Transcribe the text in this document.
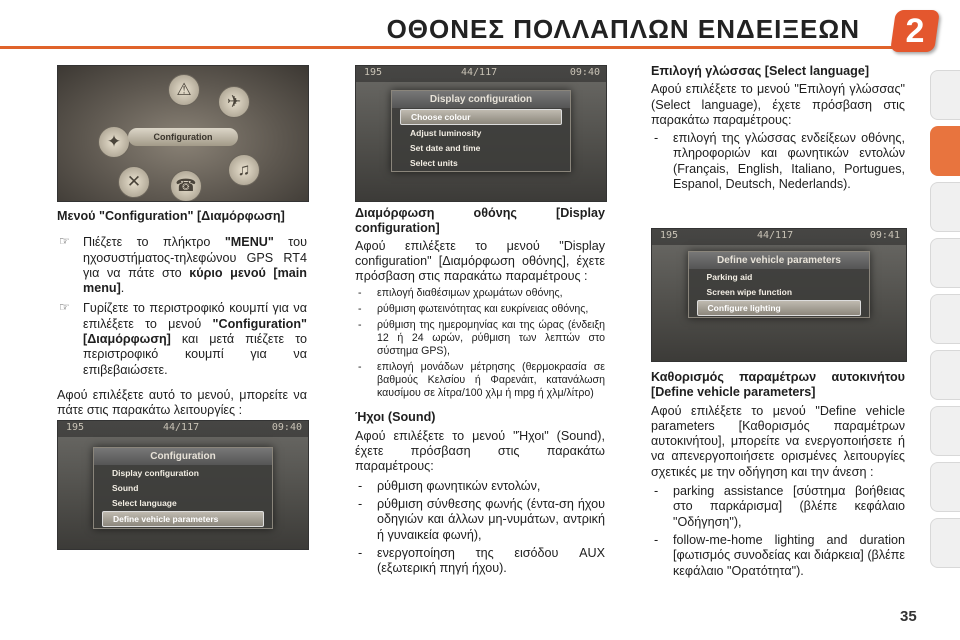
ΟΘΟΝΕΣ ΠΟΛΛΑΠΛΩΝ ΕΝΔΕΙΞΕΩΝ	2
⚠
✈
✦
✕	☎
♫
Configuration

Μενού "Configuration" [Διαμόρφωση]

☞ Πιέζετε το πλήκτρο "MENU" του ηχοσυστήματος-τηλεφώνου GPS RT4 για να πάτε στο κύριο μενού [main menu].
☞ Γυρίζετε το περιστροφικό κουμπί για να επιλέξετε το μενού "Configuration" [Διαμόρφωση] και μετά πιέζετε το περιστροφικό κουμπί για να επιβεβαιώσετε.

Αφού επιλέξετε αυτό το μενού, μπορείτε να πάτε στις παρακάτω λειτουργίες :

195	44/117	09:40
Configuration
Display configuration
Sound
Select language
Define vehicle parameters
195	44/117	09:40
Display configuration
Choose colour
Adjust luminosity
Set date and time
Select units

Διαμόρφωση οθόνης [Display configuration]

Αφού επιλέξετε το μενού "Display configuration" [Διαμόρφωση οθόνης], έχετε πρόσβαση στις παρακάτω παραμέτρους :

- επιλογή διαθέσιμων χρωμάτων οθόνης,
- ρύθμιση φωτεινότητας και ευκρίνειας οθόνης,
- ρύθμιση της ημερομηνίας και της ώρας (ένδειξη 12 ή 24 ωρών, ρύθμιση των λεπτών στο σύστημα GPS),
- επιλογή μονάδων μέτρησης (θερμοκρασία σε βαθμούς Κελσίου ή Φαρενάιτ, κατανάλωση καυσίμου σε λίτρα/100 χλμ ή mpg ή χλμ/λίτρο)

Ήχοι (Sound)

Αφού επιλέξετε το μενού "Ήχοι" (Sound), έχετε πρόσβαση στις παρακάτω παραμέτρους:

- ρύθμιση φωνητικών εντολών,
- ρύθμιση σύνθεσης φωνής (έντα-ση ήχου οδηγιών και άλλων μη-νυμάτων, αντρική ή γυναικεία φωνή),
- ενεργοποίηση της εισόδου AUX (εξωτερική πηγή ήχου).

Επιλογή γλώσσας [Select language]

Αφού επιλέξετε το μενού "Επιλογή γλώσσας" (Select language), έχετε πρόσβαση στις παρακάτω παραμέτρους:

- επιλογή της γλώσσας ενδείξεων οθόνης, πληροφοριών και φωνητικών εντολών (Français, English, Italiano, Portugues, Espanol, Deutsch, Nederlands).
195	44/117	09:41
Define vehicle parameters
Parking aid
Screen wipe function
Configure lighting

Καθορισμός παραμέτρων αυτοκινήτου [Define vehicle parameters]

Αφού επιλέξετε το μενού "Define vehicle parameters [Καθορισμός παραμέτρων αυτοκινήτου], μπορείτε να ενεργοποιήσετε ή να απενεργοποιήσετε ορισμένες λειτουργίες σχετικές με την οδήγηση και την άνεση :

- parking assistance [σύστημα βοήθειας στο παρκάρισμα] (βλέπε κεφάλαιο "Οδήγηση"),
- follow-me-home lighting and duration [φωτισμός συνοδείας και διάρκεια] (βλέπε κεφάλαιο "Ορατότητα").
35
